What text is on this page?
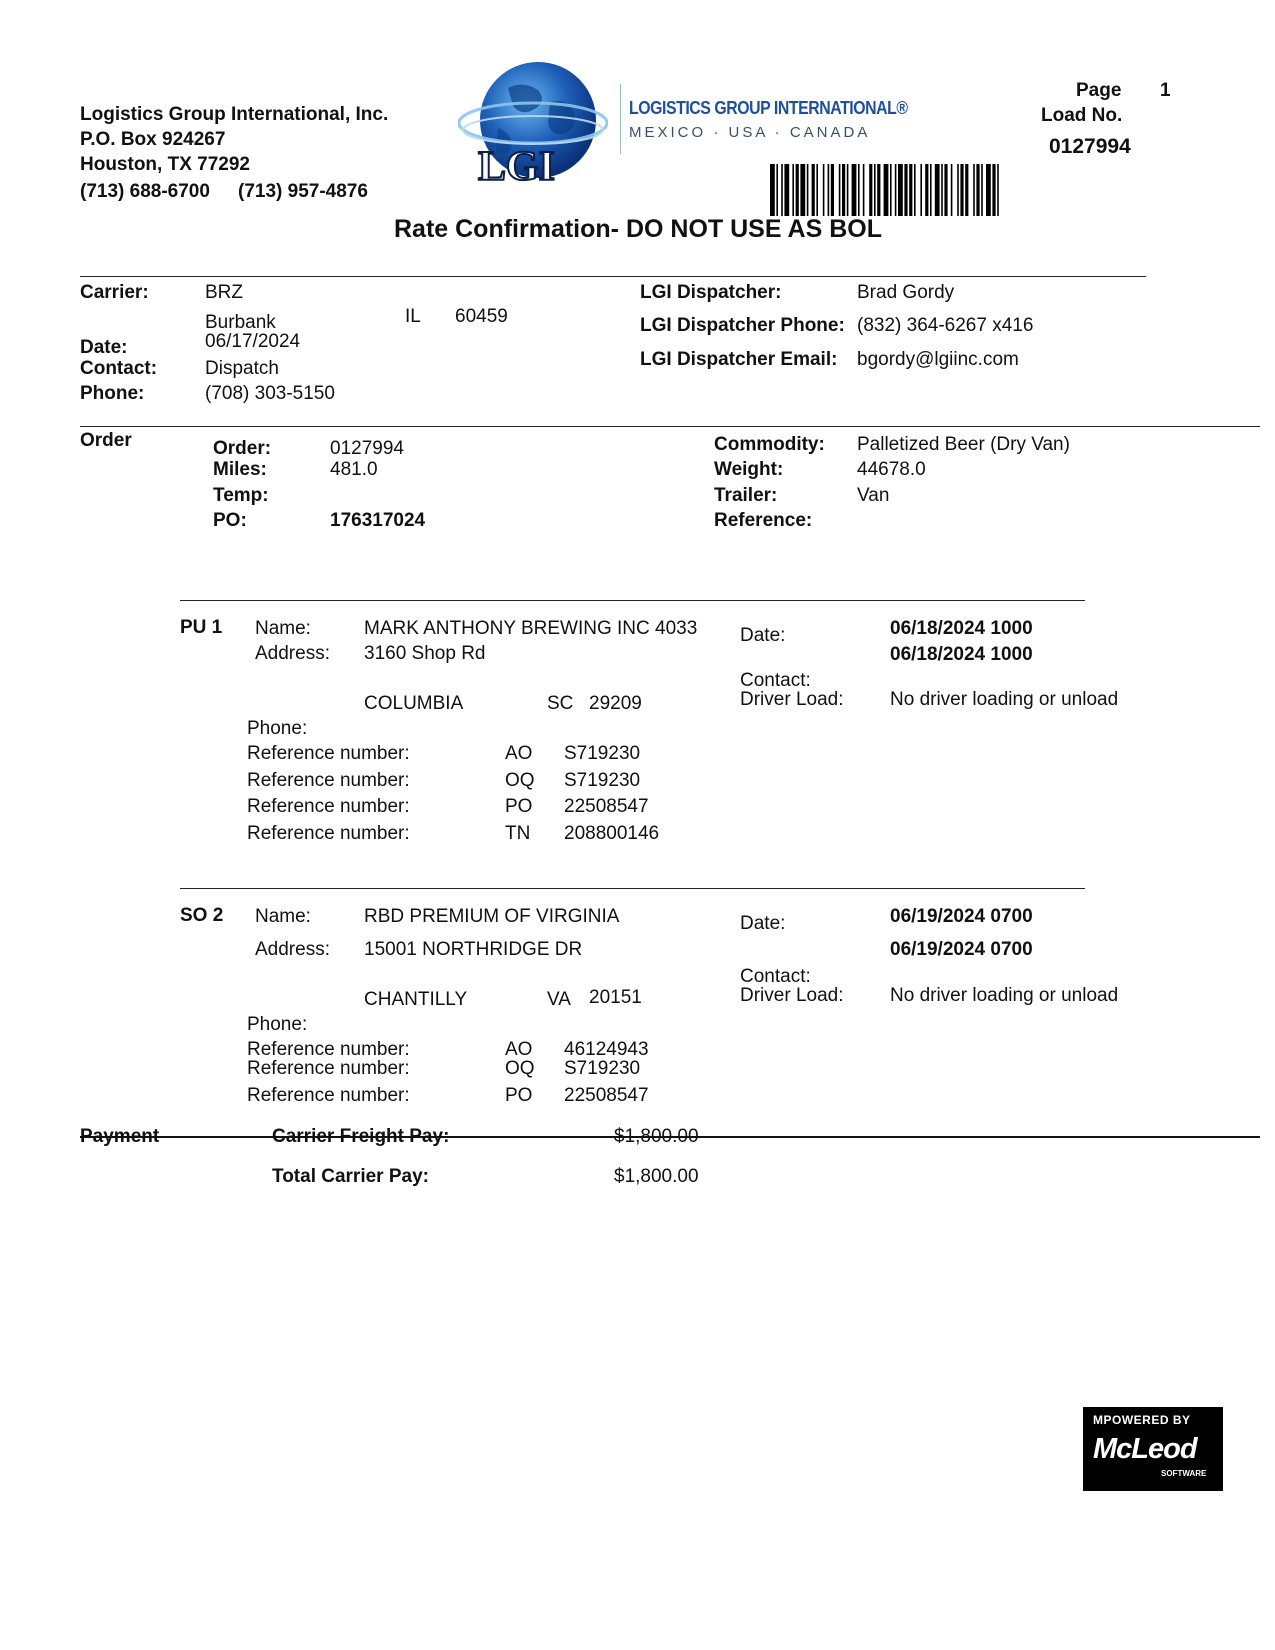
Logistics Group International, Inc.
P.O. Box 924267
Houston, TX 77292
(713) 688-6700 (713) 957-4876
LGI
LOGISTICS GROUP INTERNATIONAL®
MEXICO · USA · CANADA
Page 1
Load No.
0127994
Rate Confirmation- DO NOT USE AS BOL
Carrier:	BRZ
Burbank	IL 60459
Date:	06/17/2024
Contact:	Dispatch
Phone:	(708) 303-5150
LGI Dispatcher:	Brad Gordy
LGI Dispatcher Phone: (832) 364-6267 x416
LGI Dispatcher Email: bgordy@lgiinc.com
Order	Order:	0127994
Miles:	481.0
Temp:
PO:	176317024
Commodity: Palletized Beer (Dry Van)
Weight:	44678.0
Trailer:	Van
Reference:
PU 1 Name:	MARK ANTHONY BREWING INC 4033
Address: 3160 Shop Rd
COLUMBIA	SC 29209
Phone:
Reference number:	AO S719230
Reference number:	OQ S719230
Reference number:	PO 22508547
Reference number:	TN 208800146
Date:	06/18/2024 1000
06/18/2024 1000
Contact:
Driver Load: No driver loading or unload
SO 2 Name:	RBD PREMIUM OF VIRGINIA
Address: 15001 NORTHRIDGE DR
CHANTILLY	VA 20151
Phone:
Reference number:	AO 46124943
Reference number:	OQ S719230
Reference number:	PO 22508547
Date:	06/19/2024 0700
06/19/2024 0700
Contact:
Driver Load: No driver loading or unload
Payment	Carrier Freight Pay:	$1,800.00
Total Carrier Pay:	$1,800.00
MPOWERED BY
McLeod
SOFTWARE
